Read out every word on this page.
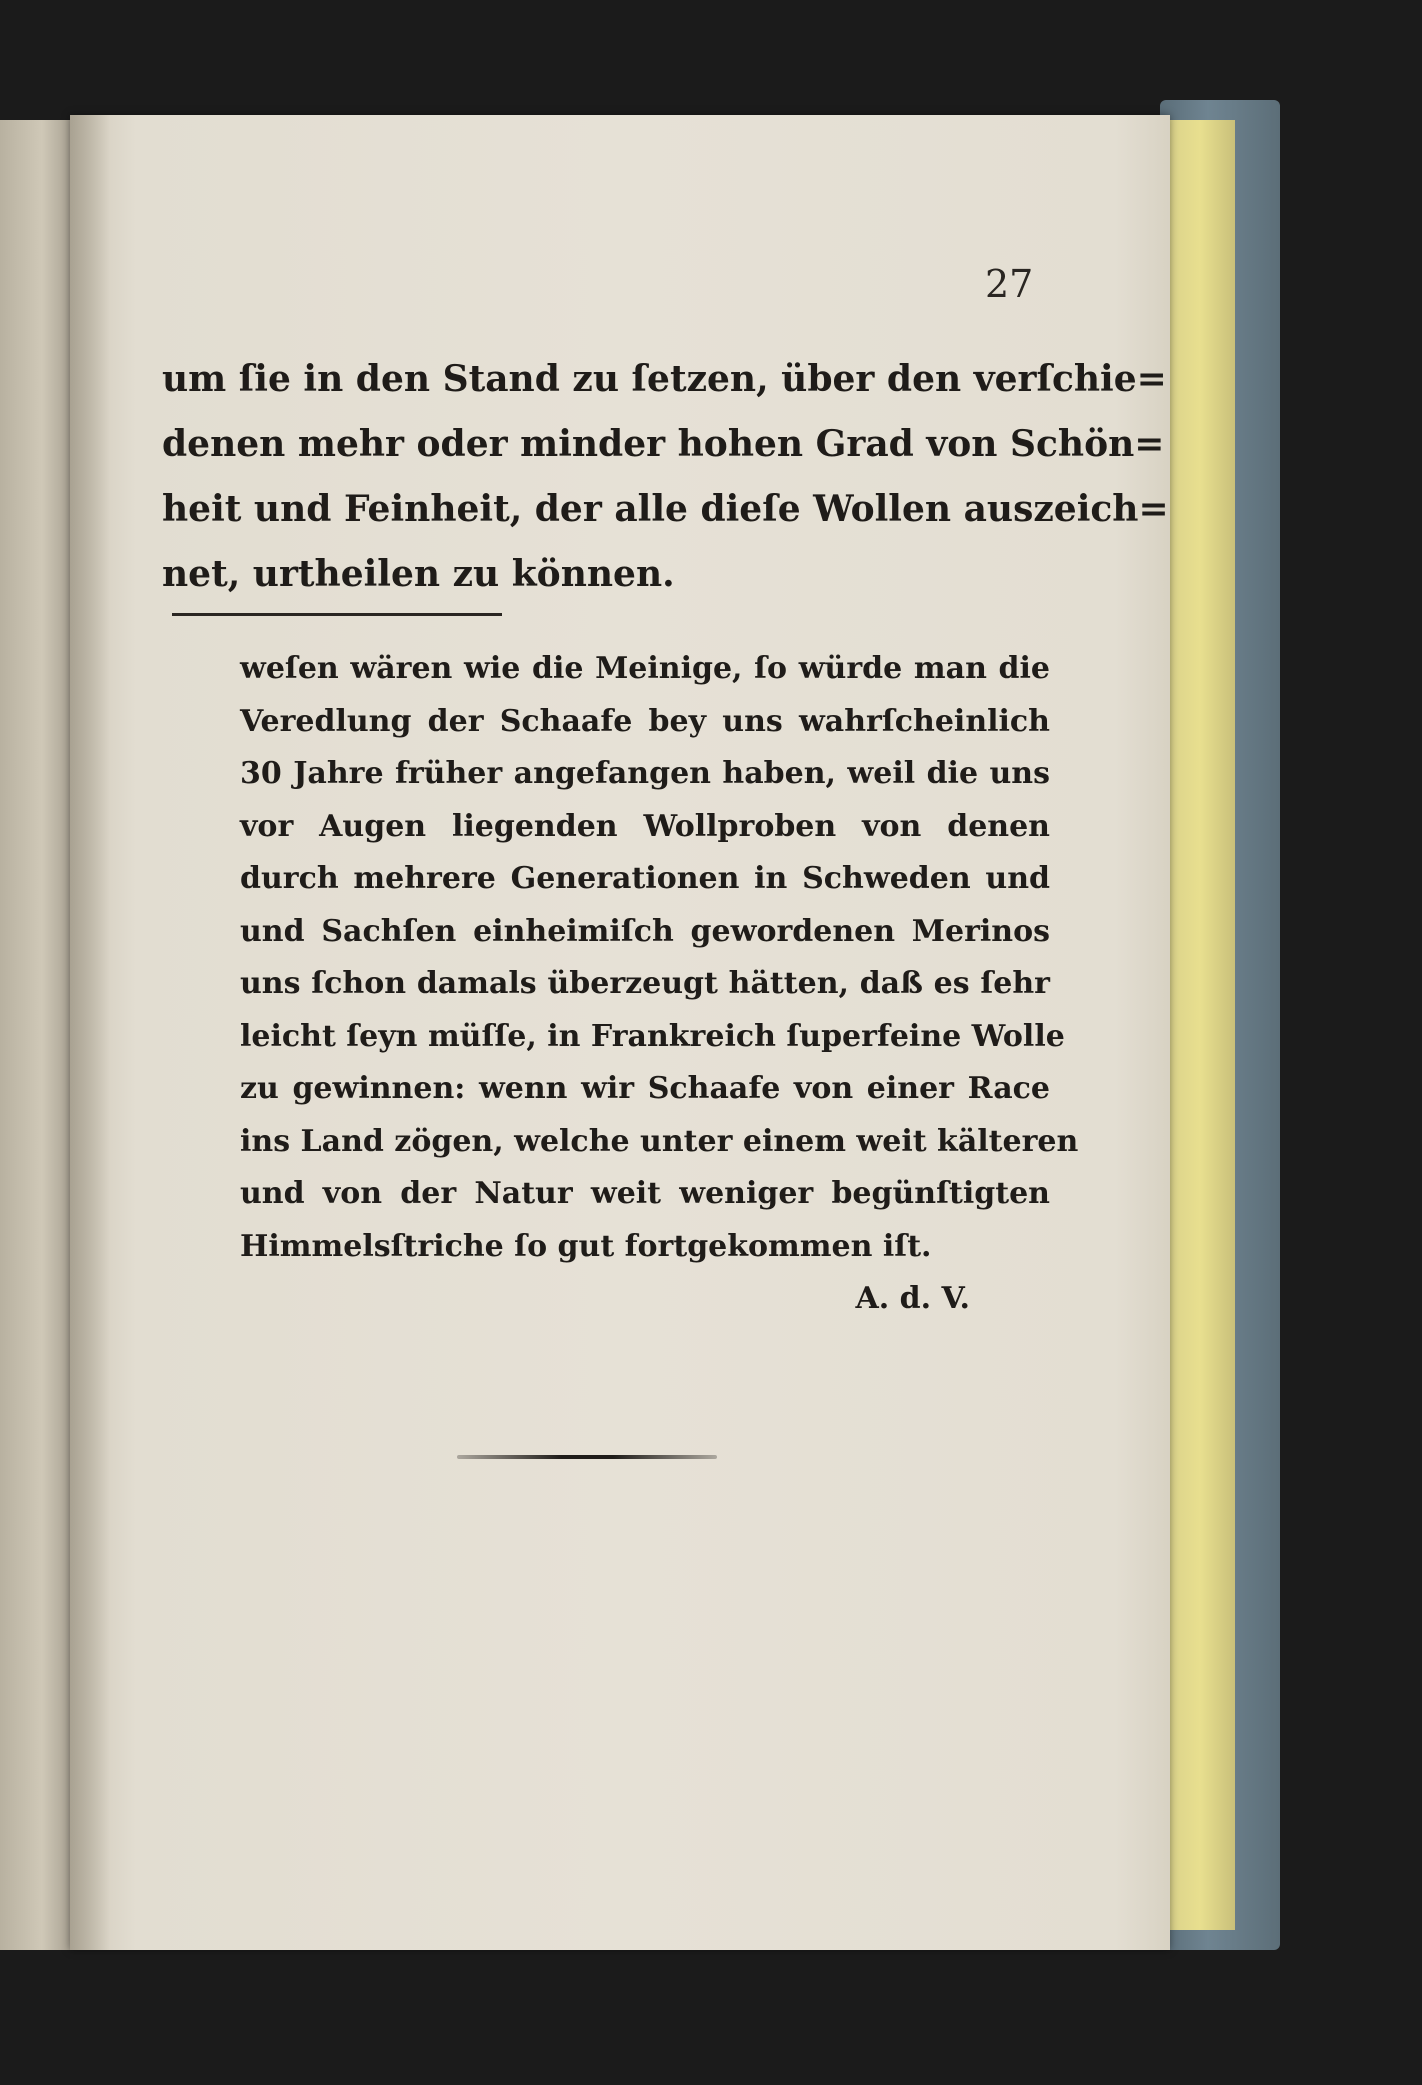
27
um ſie in den Stand zu ſetzen, über den verſchie=
denen mehr oder minder hohen Grad von Schön=
heit und Feinheit, der alle dieſe Wollen auszeich=
net, urtheilen zu können.
weſen wären wie die Meinige, ſo würde man die
Veredlung der Schaafe bey uns wahrſcheinlich
30 Jahre früher angefangen haben, weil die uns
vor Augen liegenden Wollproben von denen
durch mehrere Generationen in Schweden und
und Sachſen einheimiſch gewordenen Merinos
uns ſchon damals überzeugt hätten, daß es ſehr
leicht ſeyn müſſe, in Frankreich ſuperfeine Wolle
zu gewinnen: wenn wir Schaafe von einer Race
ins Land zögen, welche unter einem weit kälteren
und von der Natur weit weniger begünſtigten
Himmelsſtriche ſo gut fortgekommen iſt.
A. d. V.
